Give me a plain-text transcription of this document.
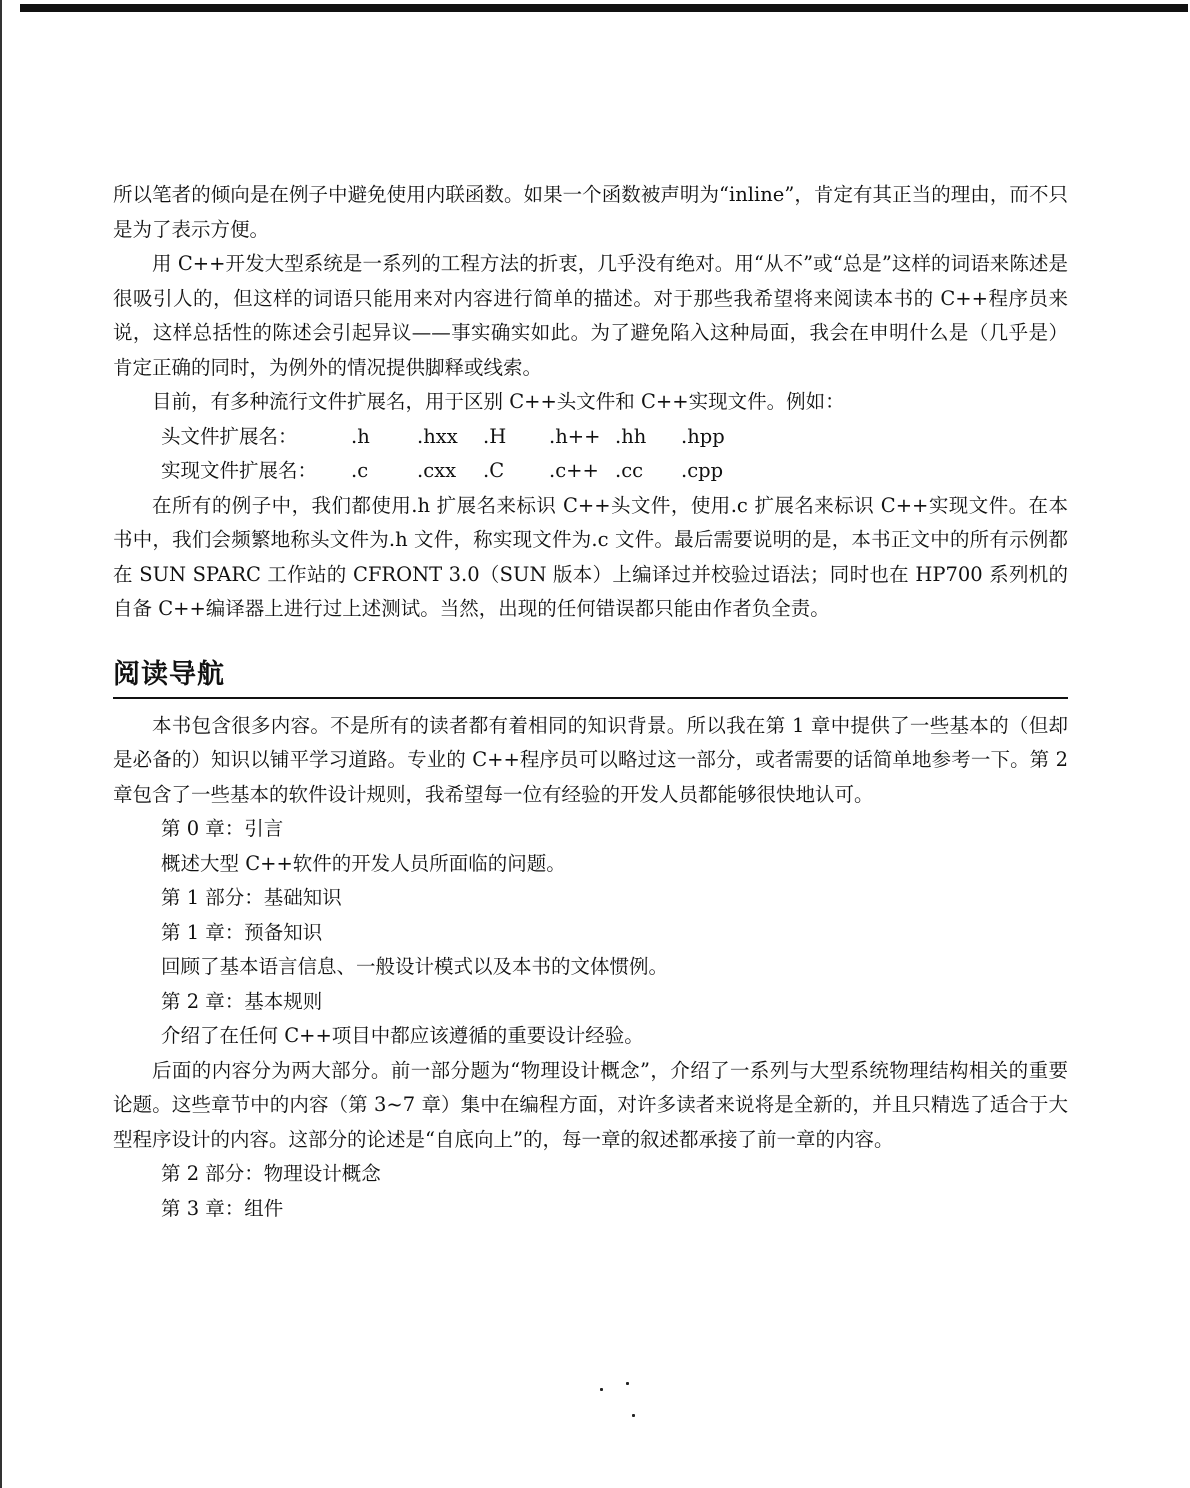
所以笔者的倾向是在例子中避免使用内联函数。如果一个函数被声明为“inline”，肯定有其正当的理由，而不只是为了表示方便。

用 C++开发大型系统是一系列的工程方法的折衷，几乎没有绝对。用“从不”或“总是”这样的词语来陈述是很吸引人的，但这样的词语只能用来对内容进行简单的描述。对于那些我希望将来阅读本书的 C++程序员来说，这样总括性的陈述会引起异议——事实确实如此。为了避免陷入这种局面，我会在申明什么是（几乎是）肯定正确的同时，为例外的情况提供脚释或线索。

目前，有多种流行文件扩展名，用于区别 C++头文件和 C++实现文件。例如：

头文件扩展名：	.h	.hxx	.H	.h++ .hh	.hpp
实现文件扩展名：	.c	.cxx	.C	.c++ .cc	.cpp

在所有的例子中，我们都使用.h 扩展名来标识 C++头文件，使用.c 扩展名来标识 C++实现文件。在本书中，我们会频繁地称头文件为.h 文件，称实现文件为.c 文件。最后需要说明的是，本书正文中的所有示例都在 SUN SPARC 工作站的 CFRONT 3.0（SUN 版本）上编译过并校验过语法；同时也在 HP700 系列机的自备 C++编译器上进行过上述测试。当然，出现的任何错误都只能由作者负全责。

阅读导航

本书包含很多内容。不是所有的读者都有着相同的知识背景。所以我在第 1 章中提供了一些基本的（但却是必备的）知识以铺平学习道路。专业的 C++程序员可以略过这一部分，或者需要的话简单地参考一下。第 2 章包含了一些基本的软件设计规则，我希望每一位有经验的开发人员都能够很快地认可。

第 0 章：引言

概述大型 C++软件的开发人员所面临的问题。

第 1 部分：基础知识

第 1 章：预备知识

回顾了基本语言信息、一般设计模式以及本书的文体惯例。

第 2 章：基本规则

介绍了在任何 C++项目中都应该遵循的重要设计经验。

后面的内容分为两大部分。前一部分题为“物理设计概念”，介绍了一系列与大型系统物理结构相关的重要论题。这些章节中的内容（第 3~7 章）集中在编程方面，对许多读者来说将是全新的，并且只精选了适合于大型程序设计的内容。这部分的论述是“自底向上”的，每一章的叙述都承接了前一章的内容。

第 2 部分：物理设计概念

第 3 章：组件
